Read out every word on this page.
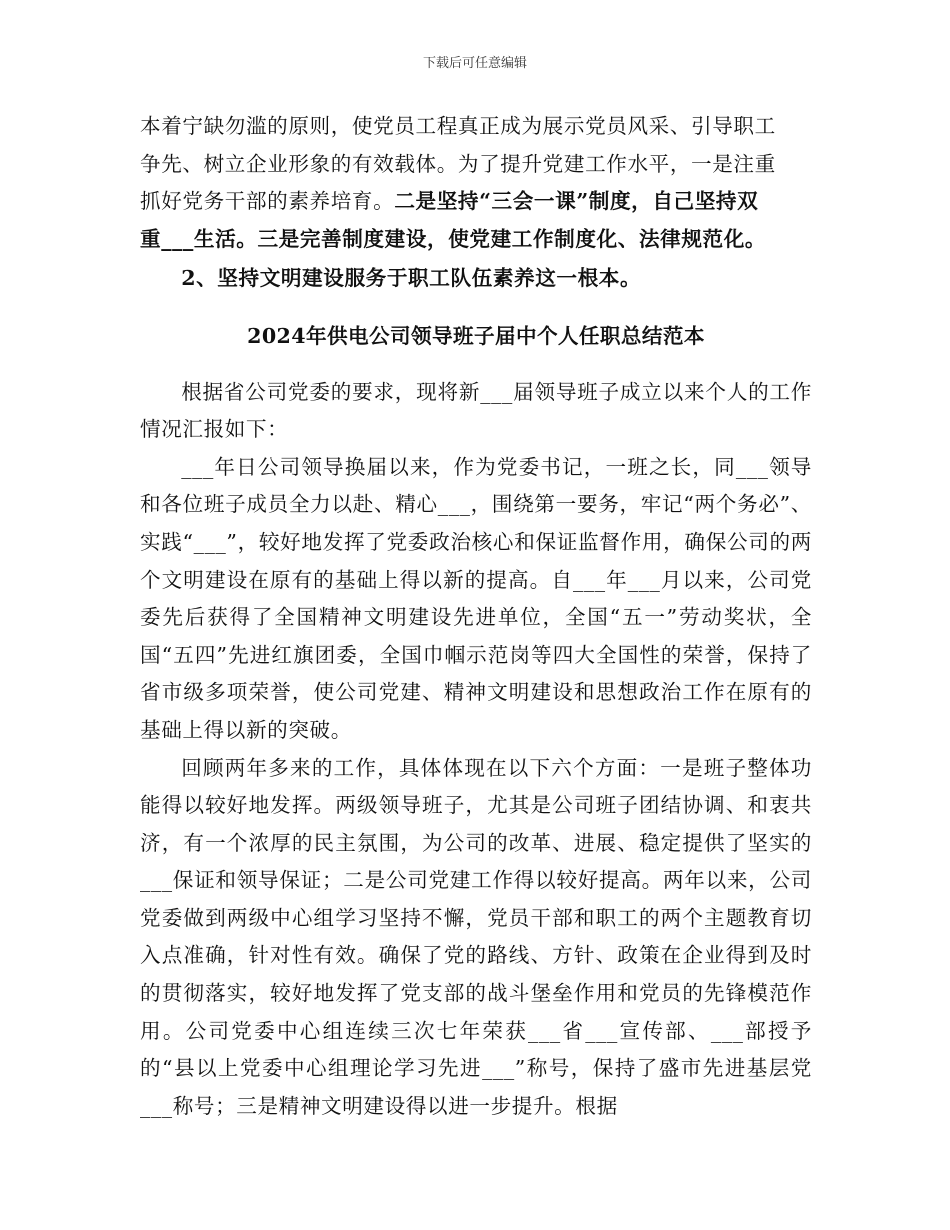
下载后可任意编辑

本着宁缺勿滥的原则，使党员工程真正成为展示党员风采、引导职工

争先、树立企业形象的有效载体。为了提升党建工作水平，一是注重

抓好党务干部的素养培育。二是坚持“三会一课”制度，自己坚持双

重___生活。三是完善制度建设，使党建工作制度化、法律规范化。

2、坚持文明建设服务于职工队伍素养这一根本。

2024年供电公司领导班子届中个人任职总结范本

根据省公司党委的要求，现将新___届领导班子成立以来个人的工作情况汇报如下：

___年日公司领导换届以来，作为党委书记，一班之长，同___领导和各位班子成员全力以赴、精心___，围绕第一要务，牢记“两个务必”、实践“___”，较好地发挥了党委政治核心和保证监督作用，确保公司的两个文明建设在原有的基础上得以新的提高。自___年___月以来，公司党委先后获得了全国精神文明建设先进单位，全国“五一”劳动奖状，全国“五四”先进红旗团委，全国巾帼示范岗等四大全国性的荣誉，保持了省市级多项荣誉，使公司党建、精神文明建设和思想政治工作在原有的基础上得以新的突破。

回顾两年多来的工作，具体体现在以下六个方面：一是班子整体功能得以较好地发挥。两级领导班子，尤其是公司班子团结协调、和衷共济，有一个浓厚的民主氛围，为公司的改革、进展、稳定提供了坚实的___保证和领导保证；二是公司党建工作得以较好提高。两年以来，公司党委做到两级中心组学习坚持不懈，党员干部和职工的两个主题教育切入点准确，针对性有效。确保了党的路线、方针、政策在企业得到及时的贯彻落实，较好地发挥了党支部的战斗堡垒作用和党员的先锋模范作用。公司党委中心组连续三次七年荣获___省___宣传部、___部授予的“县以上党委中心组理论学习先进___”称号，保持了盛市先进基层党___称号；三是精神文明建设得以进一步提升。根据
